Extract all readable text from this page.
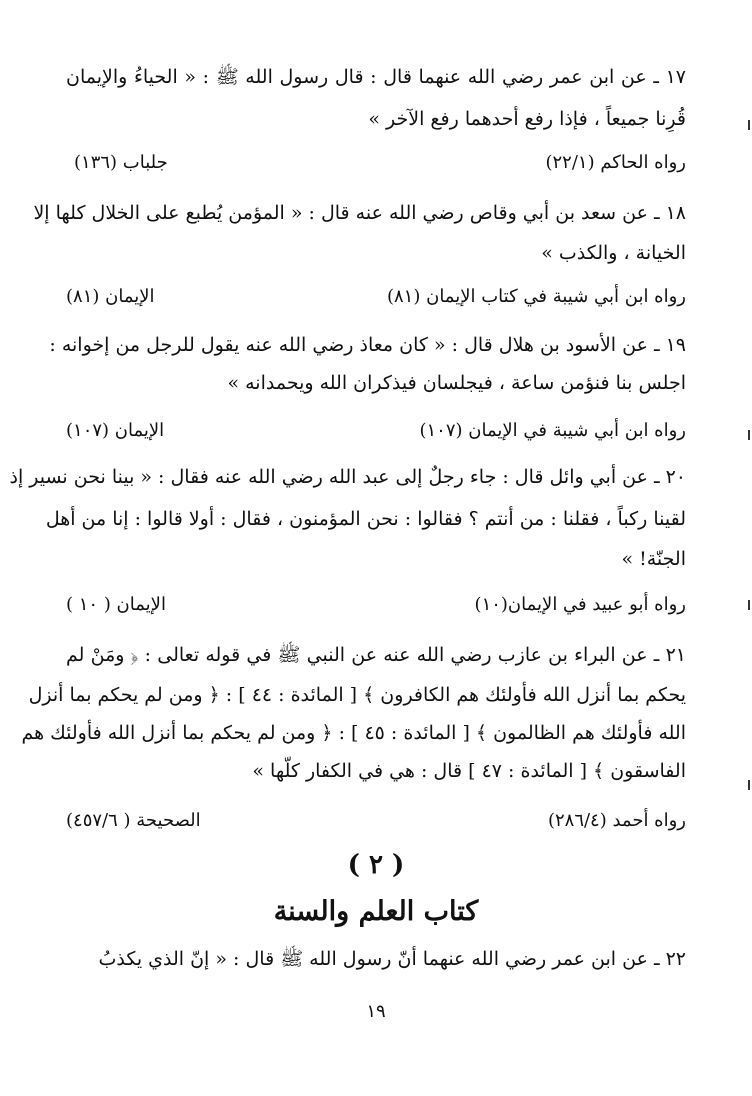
١٧ ـ عن ابن عمر رضي الله عنهما قال : قال رسول الله ﷺ : « الحياءُ والإيمان
قُرِنا جميعاً ، فإذا رفع أحدهما رفع الآخر »
رواه الحاكم (٢٢/١)
جلباب (١٣٦)
١٨ ـ عن سعد بن أبي وقاص رضي الله عنه قال : « المؤمن يُطبع على الخلال كلها إلا
الخيانة ، والكذب »
رواه ابن أبي شيبة في كتاب الإيمان (٨١)
الإيمان (٨١)
١٩ ـ عن الأسود بن هلال قال : « كان معاذ رضي الله عنه يقول للرجل من إخوانه :
اجلس بنا فنؤمن ساعة ، فيجلسان فيذكران الله ويحمدانه »
رواه ابن أبي شيبة في الإيمان (١٠٧)
الإيمان (١٠٧)
٢٠ ـ عن أبي وائل قال : جاء رجلٌ إلى عبد الله رضي الله عنه فقال : « بينا نحن نسير إذ
لقينا ركباً ، فقلنا : من أنتم ؟ فقالوا : نحن المؤمنون ، فقال : أولا قالوا : إنا من أهل
الجنّة! »
رواه أبو عبيد في الإيمان(١٠)
الإيمان ( ١٠ )
٢١ ـ عن البراء بن عازب رضي الله عنه عن النبي ﷺ في قوله تعالى : ﴿ ومَنْ لم
يحكم بما أنزل الله فأولئك هم الكافرون ﴾ [ المائدة : ٤٤ ] : ﴿ ومن لم يحكم بما أنزل
الله فأولئك هم الظالمون ﴾ [ المائدة : ٤٥ ] : ﴿ ومن لم يحكم بما أنزل الله فأولئك هم
الفاسقون ﴾ [ المائدة : ٤٧ ] قال : هي في الكفار كلّها »
رواه أحمد (٢٨٦/٤)
الصحيحة ( ٤٥٧/٦)
( ٢ )
كتاب العلم والسنة
٢٢ ـ عن ابن عمر رضي الله عنهما أنّ رسول الله ﷺ قال : « إنّ الذي يكذبُ
١٩
